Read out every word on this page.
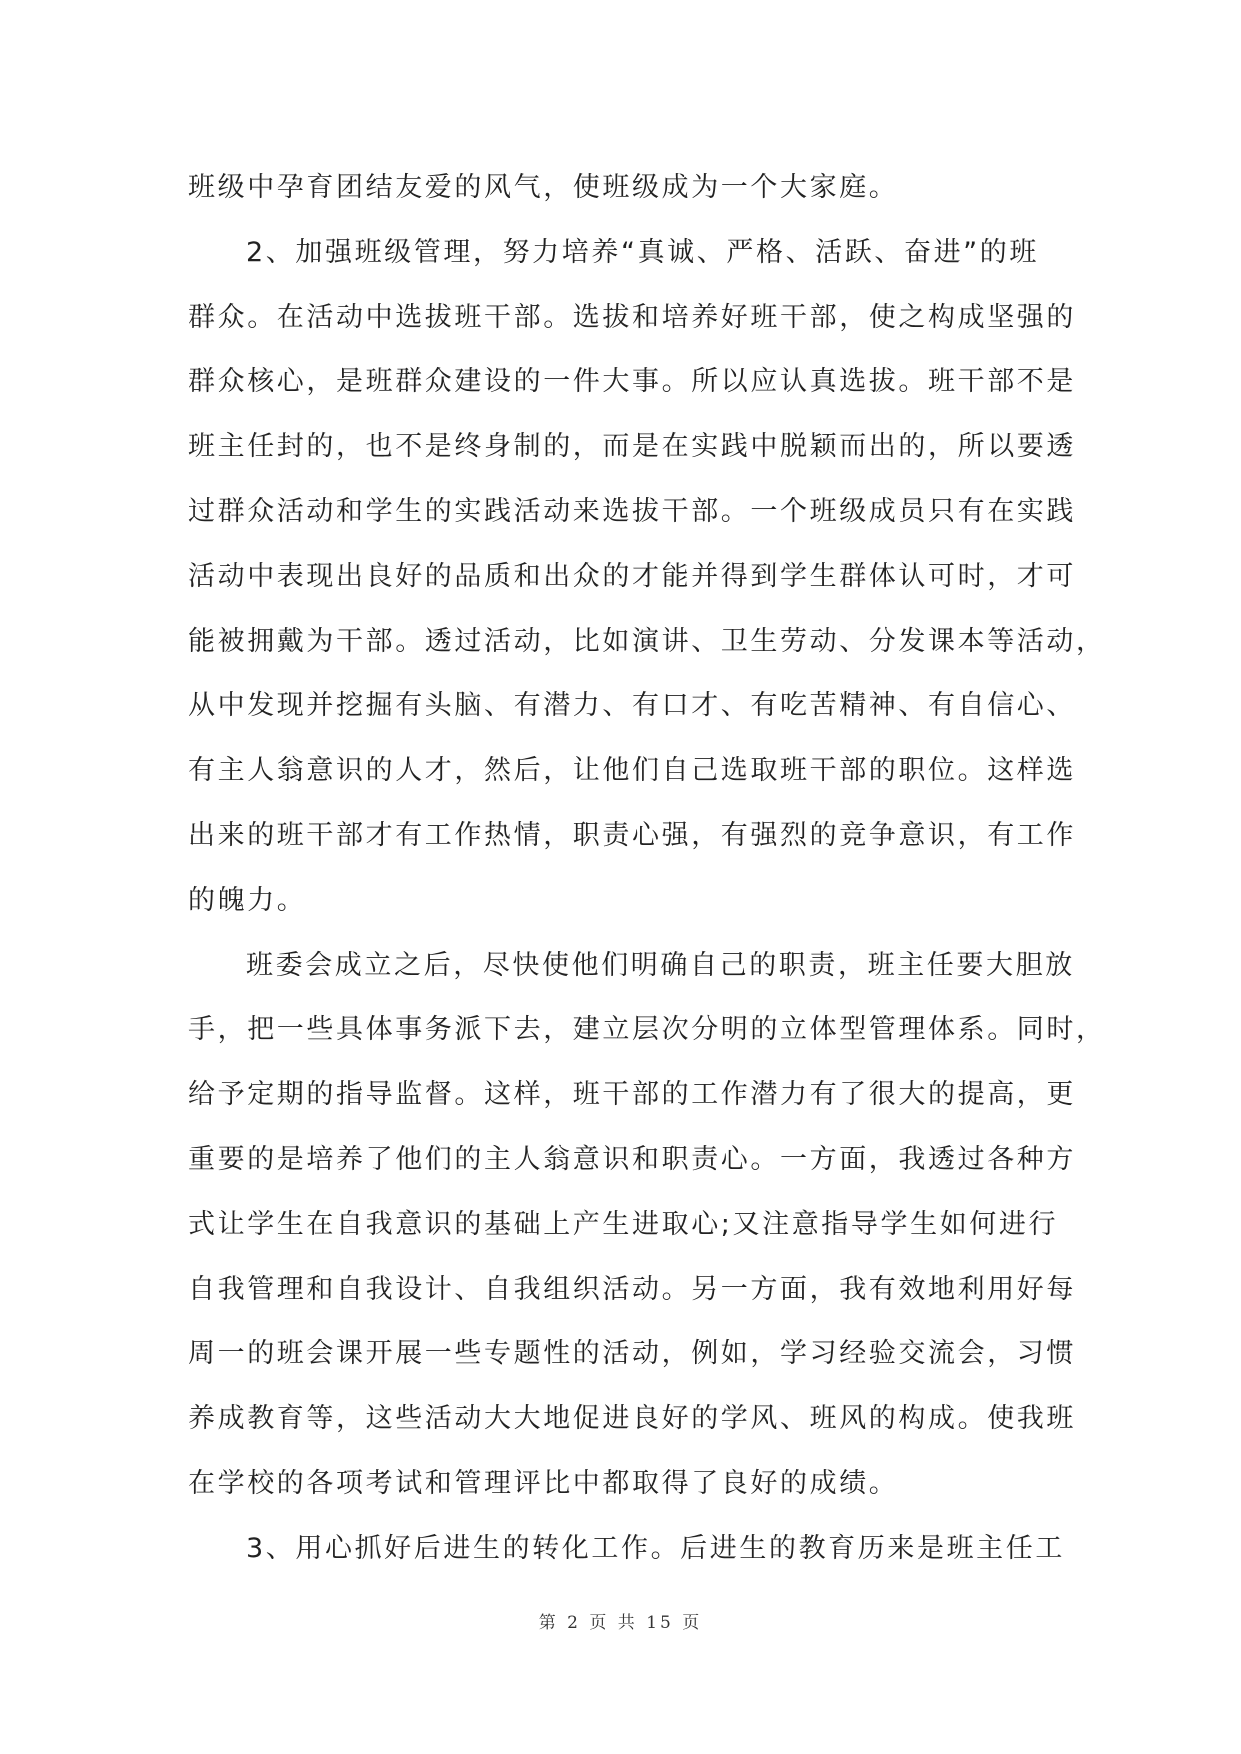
班级中孕育团结友爱的风气，使班级成为一个大家庭。
2、加强班级管理，努力培养“真诚、严格、活跃、奋进”的班
群众。在活动中选拔班干部。选拔和培养好班干部，使之构成坚强的
群众核心，是班群众建设的一件大事。所以应认真选拔。班干部不是
班主任封的，也不是终身制的，而是在实践中脱颖而出的，所以要透
过群众活动和学生的实践活动来选拔干部。一个班级成员只有在实践
活动中表现出良好的品质和出众的才能并得到学生群体认可时，才可
能被拥戴为干部。透过活动，比如演讲、卫生劳动、分发课本等活动，
从中发现并挖掘有头脑、有潜力、有口才、有吃苦精神、有自信心、
有主人翁意识的人才，然后，让他们自己选取班干部的职位。这样选
出来的班干部才有工作热情，职责心强，有强烈的竞争意识，有工作
的魄力。
班委会成立之后，尽快使他们明确自己的职责，班主任要大胆放
手，把一些具体事务派下去，建立层次分明的立体型管理体系。同时，
给予定期的指导监督。这样，班干部的工作潜力有了很大的提高，更
重要的是培养了他们的主人翁意识和职责心。一方面，我透过各种方
式让学生在自我意识的基础上产生进取心;又注意指导学生如何进行
自我管理和自我设计、自我组织活动。另一方面，我有效地利用好每
周一的班会课开展一些专题性的活动，例如，学习经验交流会，习惯
养成教育等，这些活动大大地促进良好的学风、班风的构成。使我班
在学校的各项考试和管理评比中都取得了良好的成绩。
3、用心抓好后进生的转化工作。后进生的教育历来是班主任工
第 2 页 共 15 页
